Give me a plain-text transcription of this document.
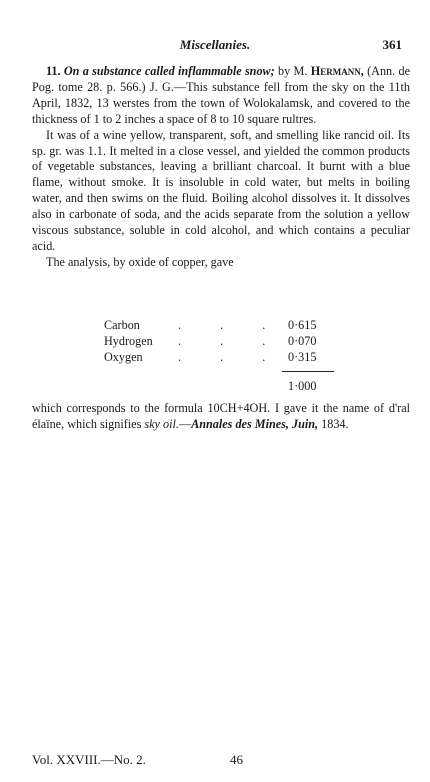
Miscellanies.	361

11. On a substance called inflammable snow; by M. Hermann, (Ann. de Pog. tome 28. p. 566.) J. G.—This substance fell from the sky on the 11th April, 1832, 13 werstes from the town of Wolokalamsk, and covered to the thickness of 1 to 2 inches a space of 8 to 10 square rultres.

It was of a wine yellow, transparent, soft, and smelling like rancid oil. Its sp. gr. was 1.1. It melted in a close vessel, and yielded the common products of vegetable substances, leaving a brilliant charcoal. It burnt with a blue flame, without smoke. It is insoluble in cold water, but melts in boiling water, and then swims on the fluid. Boiling alcohol dissolves it. It dissolves also in carbonate of soda, and the acids separate from the solution a yellow viscous substance, soluble in cold alcohol, and which contains a peculiar acid.

The analysis, by oxide of copper, gave

Carbon	. . . 0·615
Hydrogen . . . 0·070
Oxygen	. . . 0·315
1·000

which corresponds to the formula 10CH+4OH. I gave it the name of d'ral élaïne, which signifies sky oil.—Annales des Mines, Juin, 1834.

Vol. XXVIII.—No. 2.	46
